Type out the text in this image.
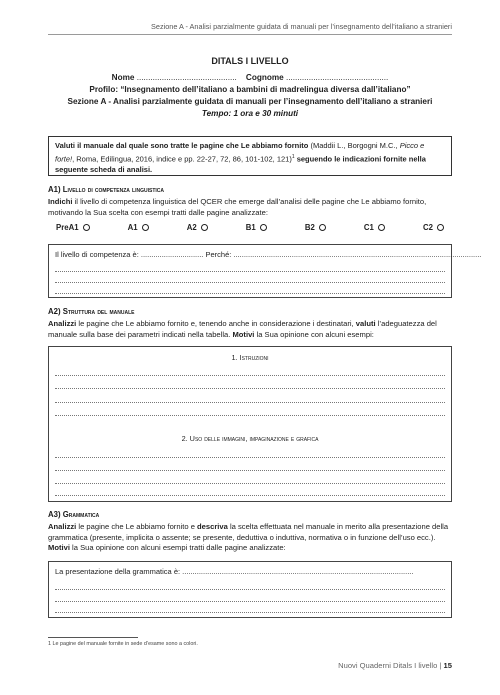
Sezione A - Analisi parzialmente guidata di manuali per l’insegnamento dell’italiano a stranieri
DITALS I LIVELLO
Nome ............................................    Cognome .............................................
Profilo: “Insegnamento dell’italiano a bambini di madrelingua diversa dall’italiano”
Sezione A - Analisi parzialmente guidata di manuali per l’insegnamento dell’italiano a stranieri
Tempo: 1 ora e 30 minuti
Valuti il manuale dal quale sono tratte le pagine che Le abbiamo fornito (Maddii L., Borgogni M.C., Picco e forte!, Roma, Edilingua, 2016, indice e pp. 22-27, 72, 86, 101-102, 121)$^1$ seguendo le indicazioni fornite nella seguente scheda di analisi.
A1) Livello di competenza linguistica
Indichi il livello di competenza linguistica del QCER che emerge dall’analisi delle pagine che Le abbiamo fornito, motivando la Sua scelta con esempi tratti dalle pagine analizzate:
PreA1	A1	A2	B1	B2	C1	C2
Il livello di competenza è: .............................. Perché: .......................................................................................................................
A2) Struttura del manuale
Analizzi le pagine che Le abbiamo fornito e, tenendo anche in considerazione i destinatari, valuti l’adeguatezza del manuale sulla base dei parametri indicati nella tabella. Motivi la Sua opinione con alcuni esempi:
1. Istruzioni
2. Uso delle immagini, impaginazione e grafica
A3) Grammatica
Analizzi le pagine che Le abbiamo fornito e descriva la scelta effettuata nel manuale in merito alla presentazione della grammatica (presente, implicita o assente; se presente, deduttiva o induttiva, normativa o in funzione dell’uso ecc.). Motivi la Sua opinione con alcuni esempi tratti dalle pagine analizzate:
La presentazione della grammatica è: ...............................................................................................................
1 Le pagine del manuale fornite in sede d’esame sono a colori.
Nuovi Quaderni Ditals I livello | 15
